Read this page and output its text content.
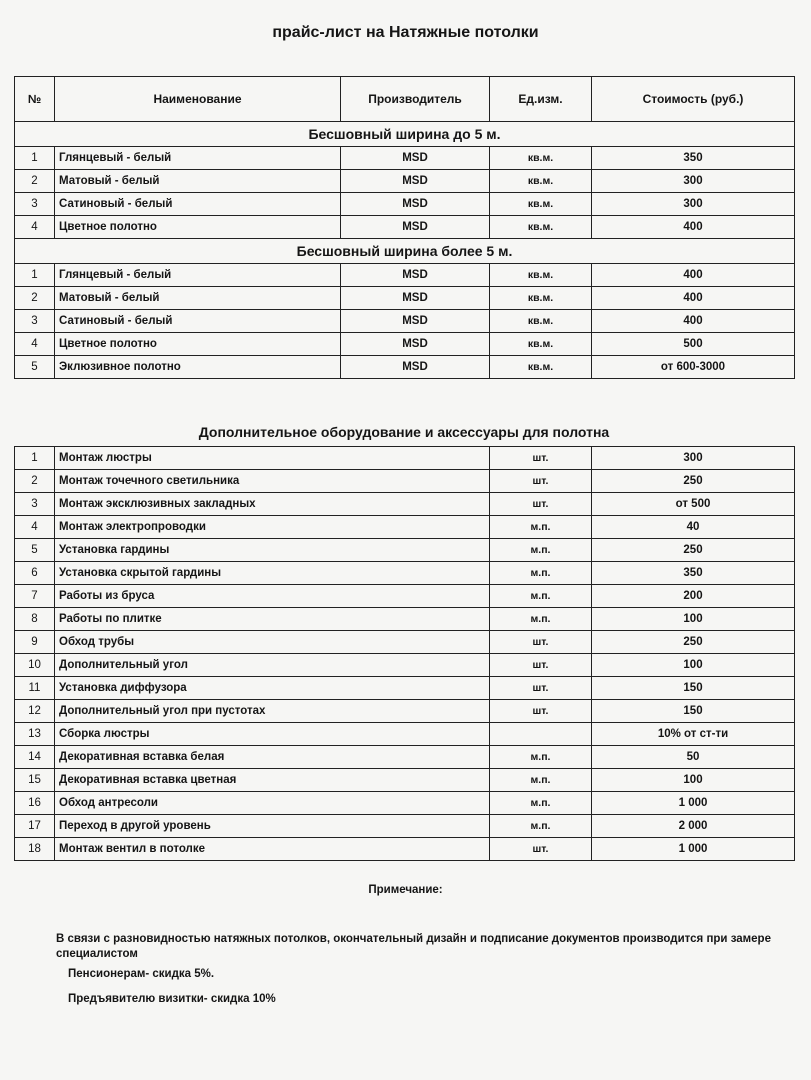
прайс-лист на Натяжные потолки
№	Наименование	Производитель	Ед.изм.	Стоимость (руб.)
Бесшовный ширина до 5 м.				
1	Глянцевый - белый	MSD	кв.м.	350
2	Матовый - белый	MSD	кв.м.	300
3	Сатиновый - белый	MSD	кв.м.	300
4	Цветное полотно	MSD	кв.м.	400
Бесшовный ширина более 5 м.				
1	Глянцевый - белый	MSD	кв.м.	400
2	Матовый - белый	MSD	кв.м.	400
3	Сатиновый - белый	MSD	кв.м.	400
4	Цветное полотно	MSD	кв.м.	500
5	Эклюзивное полотно	MSD	кв.м.	от 600-3000
Дополнительное оборудование и аксессуары для полотна
1	Монтаж люстры	шт.	300
2	Монтаж точечного светильника	шт.	250
3	Монтаж эксклюзивных закладных	шт.	от 500
4	Монтаж электропроводки	м.п.	40
5	Установка гардины	м.п.	250
6	Установка скрытой гардины	м.п.	350
7	Работы из бруса	м.п.	200
8	Работы по плитке	м.п.	100
9	Обход трубы	шт.	250
10	Дополнительный угол	шт.	100
11	Установка диффузора	шт.	150
12	Дополнительный угол при пустотах	шт.	150
13	Сборка люстры		10% от ст-ти
14	Декоративная вставка белая	м.п.	50
15	Декоративная вставка цветная	м.п.	100
16	Обход антресоли	м.п.	1 000
17	Переход в другой уровень	м.п.	2 000
18	Монтаж вентил в потолке	шт.	1 000
Примечание:
В связи с разновидностью натяжных потолков, окончательный дизайн и подписание документов производится при замере специалистом
Пенсионерам- скидка 5%.
Предъявителю визитки- скидка 10%
